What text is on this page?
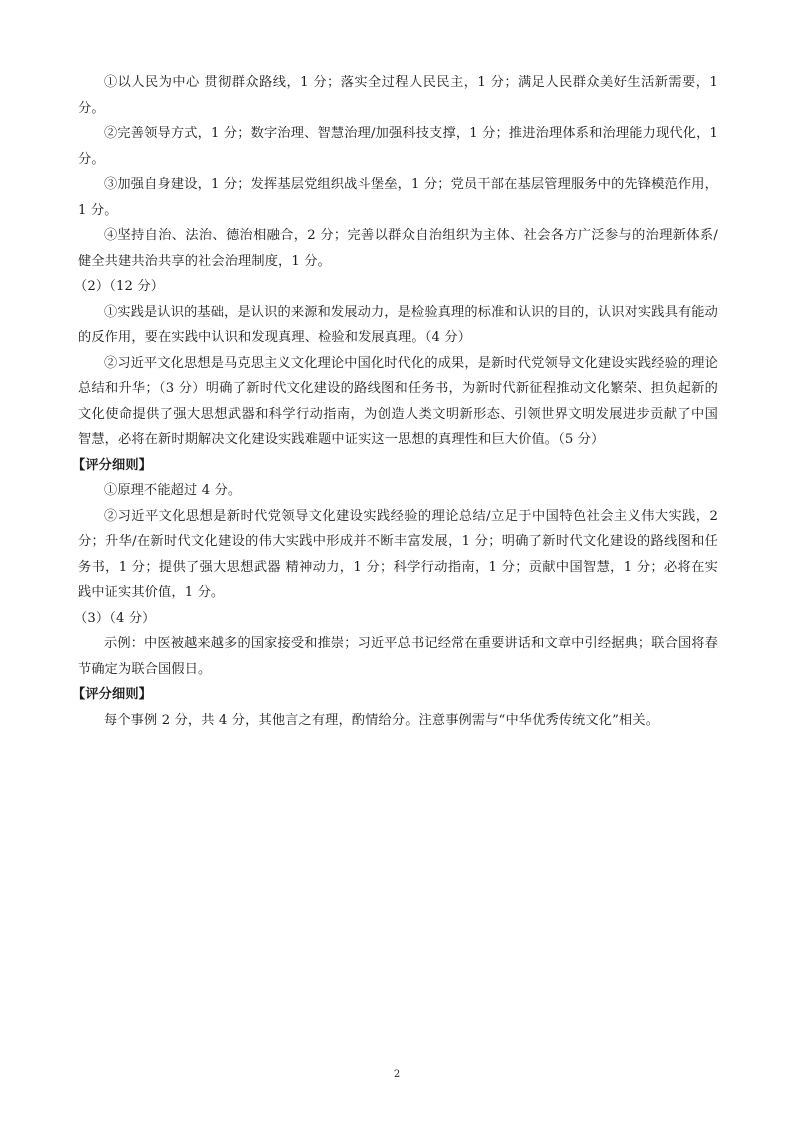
①以人民为中心 贯彻群众路线，1 分；落实全过程人民民主，1 分；满足人民群众美好生活新需要，1 分。

②完善领导方式，1 分；数字治理、智慧治理/加强科技支撑，1 分；推进治理体系和治理能力现代化，1 分。

③加强自身建设，1 分；发挥基层党组织战斗堡垒，1 分；党员干部在基层管理服务中的先锋模范作用，1 分。

④坚持自治、法治、德治相融合，2 分；完善以群众自治组织为主体、社会各方广泛参与的治理新体系/健全共建共治共享的社会治理制度，1 分。

（2）（12 分）

①实践是认识的基础，是认识的来源和发展动力，是检验真理的标准和认识的目的，认识对实践具有能动的反作用，要在实践中认识和发现真理、检验和发展真理。（4 分）

②习近平文化思想是马克思主义文化理论中国化时代化的成果，是新时代党领导文化建设实践经验的理论总结和升华；（3 分）明确了新时代文化建设的路线图和任务书，为新时代新征程推动文化繁荣、担负起新的文化使命提供了强大思想武器和科学行动指南，为创造人类文明新形态、引领世界文明发展进步贡献了中国智慧，必将在新时期解决文化建设实践难题中证实这一思想的真理性和巨大价值。（5 分）

【评分细则】

①原理不能超过 4 分。

②习近平文化思想是新时代党领导文化建设实践经验的理论总结/立足于中国特色社会主义伟大实践，2 分；升华/在新时代文化建设的伟大实践中形成并不断丰富发展，1 分；明确了新时代文化建设的路线图和任务书，1 分；提供了强大思想武器 精神动力，1 分；科学行动指南，1 分；贡献中国智慧，1 分；必将在实践中证实其价值，1 分。

（3）（4 分）

示例：中医被越来越多的国家接受和推崇；习近平总书记经常在重要讲话和文章中引经据典；联合国将春节确定为联合国假日。

【评分细则】

每个事例 2 分，共 4 分，其他言之有理，酌情给分。注意事例需与“中华优秀传统文化”相关。

2
